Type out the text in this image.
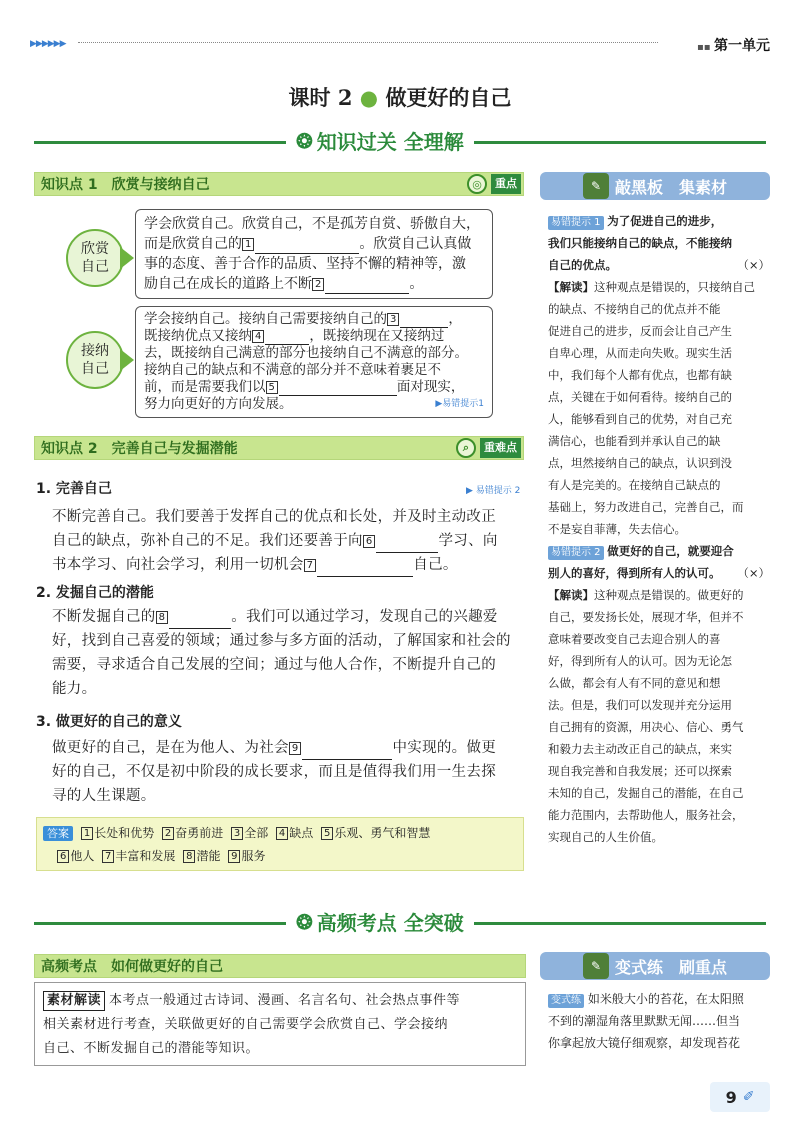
▶▶▶▶▶▶	▪▪ 第一单元
课时 2 ● 做更好的自己
❂ 知识过关 全理解
知识点 1　欣赏与接纳自己	◎	重点
欣赏自己
学会欣赏自己。欣赏自己，不是孤芳自赏、骄傲自大，
而是欣赏自己的 1	。欣赏自己认真做
事的态度、善于合作的品质、坚持不懈的精神等，激
励自己在成长的道路上不断 2	。
接纳自己
学会接纳自己。接纳自己需要接纳自己的 3	，
既接纳优点又接纳 4	，既接纳现在又接纳过
去，既接纳自己满意的部分也接纳自己不满意的部分。
接纳自己的缺点和不满意的部分并不意味着裹足不
前，而是需要我们以 5	面对现实，
努力向更好的方向发展。	▶易错提示1
知识点 2　完善自己与发掘潜能	⌕	重难点
1. 完善自己	▶ 易错提示 2
不断完善自己。我们要善于发挥自己的优点和长处，并及时主动改正
自己的缺点，弥补自己的不足。我们还要善于向 6	学习、向
书本学习、向社会学习，利用一切机会 7	自己。
2. 发掘自己的潜能
不断发掘自己的 8	。我们可以通过学习，发现自己的兴趣爱
好，找到自己喜爱的领域；通过参与多方面的活动，了解国家和社会的
需要，寻求适合自己发展的空间；通过与他人合作，不断提升自己的
能力。
3. 做更好的自己的意义
做更好的自己，是在为他人、为社会 9	中实现的。做更
好的自己，不仅是初中阶段的成长要求，而且是值得我们用一生去探
寻的人生课题。
答案 1 长处和优势 2 奋勇前进 3 全部 4 缺点 5 乐观、勇气和智慧
6 他人 7 丰富和发展 8 潜能 9 服务
✎ 敲黑板　集素材
易错提示 1 为了促进自己的进步，
我们只能接纳自己的缺点，不能接纳
自己的优点。	（×）
【解读】这种观点是错误的，只接纳自己
的缺点、不接纳自己的优点并不能
促进自己的进步，反而会让自己产生
自卑心理，从而走向失败。现实生活
中，我们每个人都有优点，也都有缺
点，关键在于如何看待。接纳自己的
人，能够看到自己的优势，对自己充
满信心，也能看到并承认自己的缺
点，坦然接纳自己的缺点，认识到没
有人是完美的。在接纳自己缺点的
基础上，努力改进自己，完善自己，而
不是妄自菲薄，失去信心。
易错提示 2 做更好的自己，就要迎合
别人的喜好，得到所有人的认可。 （×）
【解读】这种观点是错误的。做更好的
自己，要发扬长处，展现才华，但并不
意味着要改变自己去迎合别人的喜
好，得到所有人的认可。因为无论怎
么做，都会有人有不同的意见和想
法。但是，我们可以发现并充分运用
自己拥有的资源，用决心、信心、勇气
和毅力去主动改正自己的缺点，来实
现自我完善和自我发展；还可以探索
未知的自己，发掘自己的潜能，在自己
能力范围内，去帮助他人，服务社会，
实现自己的人生价值。
❂ 高频考点 全突破
高频考点　如何做更好的自己
素材解读 本考点一般通过古诗词、漫画、名言名句、社会热点事件等
相关素材进行考查，关联做更好的自己需要学会欣赏自己、学会接纳
自己、不断发掘自己的潜能等知识。
✎ 变式练　刷重点
变式练 如米般大小的苔花，在太阳照
不到的潮湿角落里默默无闻……但当
你拿起放大镜仔细观察，却发现苔花
9 ✐
